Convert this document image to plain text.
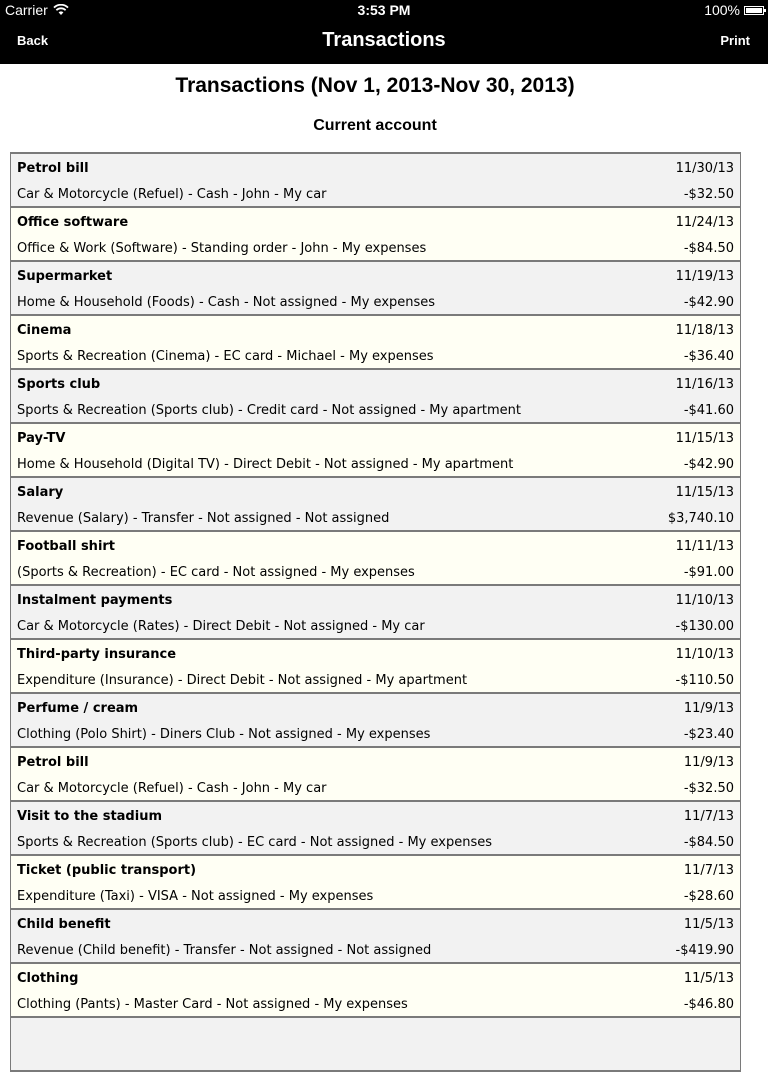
Carrier	3:53 PM	100%
Back	Transactions	Print
Transactions (Nov 1, 2013-Nov 30, 2013)
Current account
Petrol bill	11/30/13
Car & Motorcycle (Refuel) - Cash - John - My car	-$32.50
Office software	11/24/13
Office & Work (Software) - Standing order - John - My expenses	-$84.50
Supermarket	11/19/13
Home & Household (Foods) - Cash - Not assigned - My expenses	-$42.90
Cinema	11/18/13
Sports & Recreation (Cinema) - EC card - Michael - My expenses	-$36.40
Sports club	11/16/13
Sports & Recreation (Sports club) - Credit card - Not assigned - My apartment	-$41.60
Pay-TV	11/15/13
Home & Household (Digital TV) - Direct Debit - Not assigned - My apartment	-$42.90
Salary	11/15/13
Revenue (Salary) - Transfer - Not assigned - Not assigned	$3,740.10
Football shirt	11/11/13
(Sports & Recreation) - EC card - Not assigned - My expenses	-$91.00
Instalment payments	11/10/13
Car & Motorcycle (Rates) - Direct Debit - Not assigned - My car	-$130.00
Third-party insurance	11/10/13
Expenditure (Insurance) - Direct Debit - Not assigned - My apartment	-$110.50
Perfume / cream	11/9/13
Clothing (Polo Shirt) - Diners Club - Not assigned - My expenses	-$23.40
Petrol bill	11/9/13
Car & Motorcycle (Refuel) - Cash - John - My car	-$32.50
Visit to the stadium	11/7/13
Sports & Recreation (Sports club) - EC card - Not assigned - My expenses	-$84.50
Ticket (public transport)	11/7/13
Expenditure (Taxi) - VISA - Not assigned - My expenses	-$28.60
Child benefit	11/5/13
Revenue (Child benefit) - Transfer - Not assigned - Not assigned	-$419.90
Clothing	11/5/13
Clothing (Pants) - Master Card - Not assigned - My expenses	-$46.80
